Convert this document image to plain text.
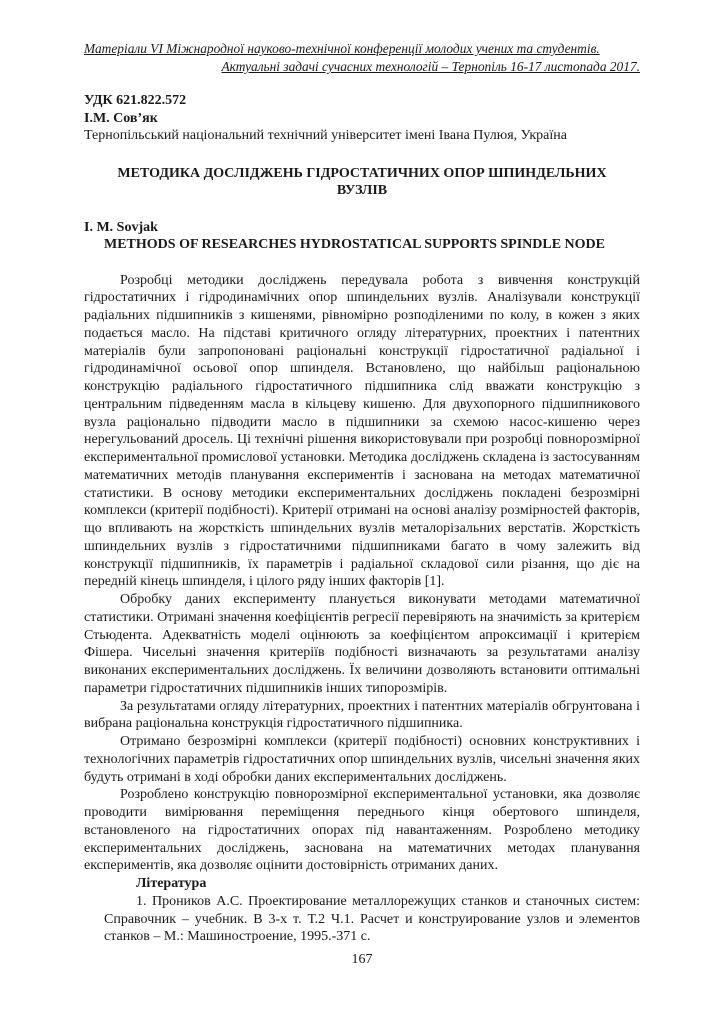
Матеріали VІ Міжнародної науково-технічної конференції молодих учених та студентів.
Актуальні задачі сучасних технологій – Тернопіль 16-17 листопада 2017.
УДК 621.822.572
І.М. Сов’як
Тернопільський національний технічний університет імені Івана Пулюя, Україна
МЕТОДИКА ДОСЛІДЖЕНЬ ГІДРОСТАТИЧНИХ ОПОР ШПИНДЕЛЬНИХ ВУЗЛІВ
I. M. Sovjak
METHODS OF RESEARCHES HYDROSTATICAL SUPPORTS SPINDLE NODE

Розробці методики досліджень передувала робота з вивчення конструкцій гідростатичних і гідродинамічних опор шпиндельних вузлів. Аналізували конструкції радіальних підшипників з кишенями, рівномірно розподіленими по колу, в кожен з яких подається масло. На підставі критичного огляду літературних, проектних і патентних матеріалів були запропоновані раціональні конструкції гідростатичної радіальної і гідродинамічної осьової опор шпинделя. Встановлено, що найбільш раціональною конструкцію радіального гідростатичного підшипника слід вважати конструкцію з центральним підведенням масла в кільцеву кишеню. Для двухопорного підшипникового вузла раціонально підводити масло в підшипники за схемою насос-кишеню через нерегульований дросель. Ці технічні рішення використовували при розробці повнорозмірної експериментальної промислової установки. Методика досліджень складена із застосуванням математичних методів планування експериментів і заснована на методах математичної статистики. В основу методики експериментальних досліджень покладені безрозмірні комплекси (критерії подібності). Критерії отримані на основі аналізу розмірностей факторів, що впливають на жорсткість шпиндельних вузлів металорізальних верстатів. Жорсткість шпиндельних вузлів з гідростатичними підшипниками багато в чому залежить від конструкції підшипників, їх параметрів і радіальної складової сили різання, що діє на передній кінець шпинделя, і цілого ряду інших факторів [1].

Обробку даних експерименту планується виконувати методами математичної статистики. Отримані значення коефіцієнтів регресії перевіряють на значимість за критерієм Стьюдента. Адекватність моделі оцінюють за коефіцієнтом апроксимації і критерієм Фішера. Чисельні значення критеріїв подібності визначають за результатами аналізу виконаних експериментальних досліджень. Їх величини дозволяють встановити оптимальні параметри гідростатичних підшипників інших типорозмірів.

За результатами огляду літературних, проектних і патентних матеріалів обгрунтована і вибрана раціональна конструкція гідростатичного підшипника.

Отримано безрозмірні комплекси (критерії подібності) основних конструктивних і технологічних параметрів гідростатичних опор шпиндельних вузлів, чисельні значення яких будуть отримані в ході обробки даних експериментальних досліджень.

Розроблено конструкцію повнорозмірної експериментальної установки, яка дозволяє проводити вимірювання переміщення переднього кінця обертового шпинделя, встановленого на гідростатичних опорах під навантаженням. Розроблено методику експериментальних досліджень, заснована на математичних методах планування експериментів, яка дозволяє оцінити достовірність отриманих даних.

Література
1. Проников А.С. Проектирование металлорежущих станков и станочных систем: Справочник – учебник. В 3-х т. Т.2 Ч.1. Расчет и конструирование узлов и элементов станков – М.: Машиностроение, 1995.-371 с.
167
